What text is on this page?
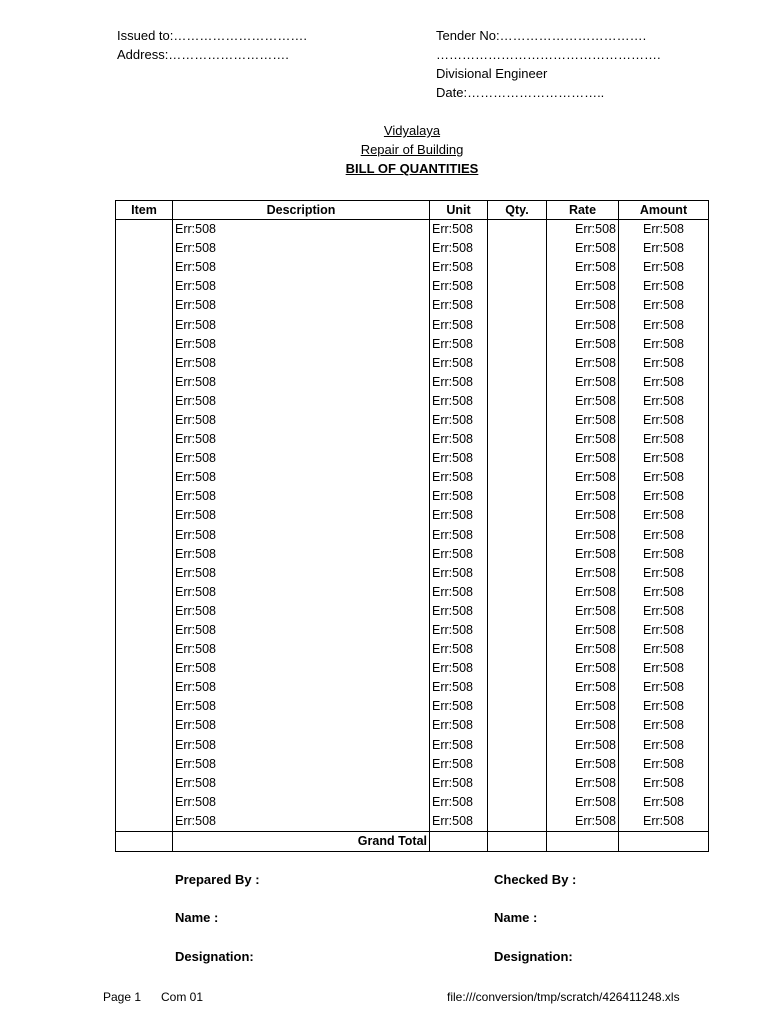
Issued to:………………………….
Address:……………………….
Tender No:…………………………….
…………………………………………….
Divisional Engineer
Date:…………………………..
Vidyalaya
Repair of Building
BILL OF QUANTITIES
Item	Description	Unit	Qty.	Rate	Amount
	Err:508	Err:508		Err:508	Err:508
	Err:508	Err:508		Err:508	Err:508
	Err:508	Err:508		Err:508	Err:508
	Err:508	Err:508		Err:508	Err:508
	Err:508	Err:508		Err:508	Err:508
	Err:508	Err:508		Err:508	Err:508
	Err:508	Err:508		Err:508	Err:508
	Err:508	Err:508		Err:508	Err:508
	Err:508	Err:508		Err:508	Err:508
	Err:508	Err:508		Err:508	Err:508
	Err:508	Err:508		Err:508	Err:508
	Err:508	Err:508		Err:508	Err:508
	Err:508	Err:508		Err:508	Err:508
	Err:508	Err:508		Err:508	Err:508
	Err:508	Err:508		Err:508	Err:508
	Err:508	Err:508		Err:508	Err:508
	Err:508	Err:508		Err:508	Err:508
	Err:508	Err:508		Err:508	Err:508
	Err:508	Err:508		Err:508	Err:508
	Err:508	Err:508		Err:508	Err:508
	Err:508	Err:508		Err:508	Err:508
	Err:508	Err:508		Err:508	Err:508
	Err:508	Err:508		Err:508	Err:508
	Err:508	Err:508		Err:508	Err:508
	Err:508	Err:508		Err:508	Err:508
	Err:508	Err:508		Err:508	Err:508
	Err:508	Err:508		Err:508	Err:508
	Err:508	Err:508		Err:508	Err:508
	Err:508	Err:508		Err:508	Err:508
	Err:508	Err:508		Err:508	Err:508
	Err:508	Err:508		Err:508	Err:508
	Err:508	Err:508		Err:508	Err:508
	Grand Total				
Prepared By :	Checked By :
Name :	Name :
Designation:	Designation:
Page 1 Com 01	file:///conversion/tmp/scratch/426411248.xls
